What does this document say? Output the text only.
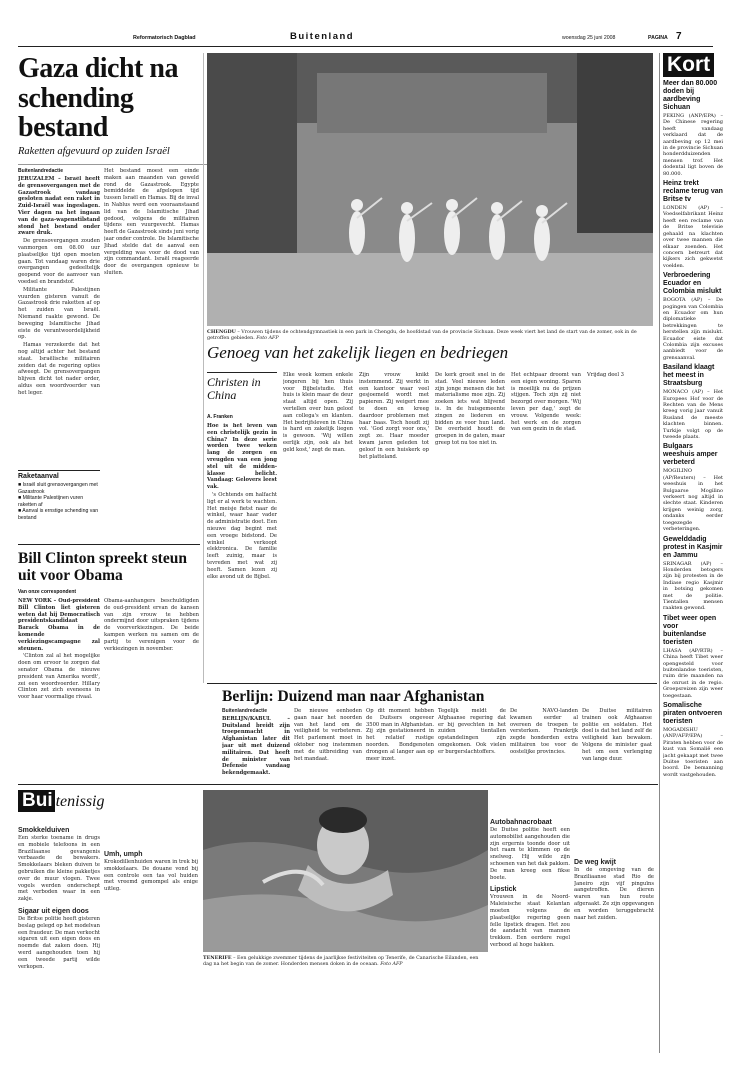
Reformatorisch Dagblad	Buitenland	woensdag 25 juni 2008	PAGINA 7
Gaza dicht na schending bestand
Raketten afgevuurd op zuiden Israël
Buitenlandredactie

JERUZALEM – Israël heeft de grensovergangen met de Gazastrook vandaag gesloten nadat een raket in Zuid-Israël was ingeslagen. Vier dagen na het ingaan van de gaza-wapenstilstand stond het bestand onder zware druk.

De grensovergangen zouden vanmorgen om 08.00 uur plaatselijke tijd open moeten gaan. Tot vandaag waren drie overgangen gedeeltelijk geopend voor de aanvoer van voedsel en brandstof.

Militante Palestijnen vuurden gisteren vanuit de Gazastrook drie raketten af op het zuiden van Israël. Niemand raakte gewond. De beweging Islamitische Jihad eiste de verantwoordelijkheid op.

Hamas verzekerde dat het nog altijd achter het bestand staat. Israëlische militairen zeiden dat de regering opties afweegt. De grensovergangen blijven dicht tot nader order, aldus een woordvoerder van het leger.

Het bestand moest een einde maken aan maanden van geweld rond de Gazastrook. Egypte bemiddelde de afgelopen tijd tussen Israël en Hamas. Bij de inval in Nablus werd een vooraanstaand lid van de Islamitische Jihad gedood, volgens de militairen tijdens een vuurgevecht. Hamas heeft de Gazastrook sinds juni vorig jaar onder controle. De Islamitische Jihad stelde dat de aanval een vergelding was voor de dood van zijn commandant. Israël reageerde door de overgangen opnieuw te sluiten.

Raketaanval
■ Israël sluit grensovergangen met Gazastrook
■ Militante Palestijnen vuren raketten af
■ Aanval is ernstige schending van bestand
Bill Clinton spreekt steun uit voor Obama
Van onze correspondent

NEW YORK – Oud-president Bill Clinton liet gisteren weten dat hij Democratisch presidentskandidaat Barack Obama in de komende verkiezingscampagne zal steunen.

'Clinton zal al het mogelijke doen om ervoor te zorgen dat senator Obama de nieuwe president van Amerika wordt', zei een woordvoerder. Hillary Clinton zet zich eveneens in voor haar voormalige rivaal.

Obama-aanhangers beschuldigden de oud-president ervan de kansen van zijn vrouw te hebben ondermijnd door uitspraken tijdens de voorverkiezingen. De beide kampen werken nu samen om de partij te verenigen voor de verkiezingen in november.

CHENGDU – Vrouwen tijdens de ochtendgymnastiek in een park in Chengdu, de hoofdstad van de provincie Sichuan. Deze week viert het land de start van de zomer, ook in de getroffen gebieden. Foto AFP
Genoeg van het zakelijk liegen en bedriegen
Christen in China
A. Franken

Hoe is het leven van een christelijk gezin in China? In deze serie worden twee weken lang de zorgen en vreugden van een jong stel uit de midden-klasse belicht. Vandaag: Gelovers leest vak.

's Ochtends om halfacht ligt er al werk te wachten. Het meisje fietst naar de winkel, waar haar vader de administratie doet. Een nieuwe dag begint met een vroege bidstond. De winkel verkoopt elektronica. De familie leeft zuinig, maar is tevreden met wat zij heeft. Samen lezen zij elke avond uit de Bijbel.

Elke week komen enkele jongeren bij hen thuis voor Bijbelstudie. Het huis is klein maar de deur staat altijd open. Zij vertellen over hun geloof aan collega's en klanten. Het bedrijfsleven in China is hard en zakelijk liegen is gewoon. 'Wij willen eerlijk zijn, ook als het geld kost,' zegt de man.

Zijn vrouw knikt instemmend. Zij werkt in een kantoor waar veel gesjoemeld wordt met papieren. Zij weigert mee te doen en kreeg daardoor problemen met haar baas. Toch houdt zij vol. 'God zorgt voor ons,' zegt ze. Haar moeder kwam jaren geleden tot geloof in een huiskerk op het platteland.

De kerk groeit snel in de stad. Veel nieuwe leden zijn jonge mensen die het materialisme moe zijn. Zij zoeken iets wat blijvend is. In de huisgemeente zingen ze liederen en bidden ze voor hun land. De overheid houdt de groepen in de gaten, maar greep tot nu toe niet in.

Het echtpaar droomt van een eigen woning. Sparen is moeilijk nu de prijzen stijgen. Toch zijn zij niet bezorgd over morgen. 'Wij leven per dag,' zegt de vrouw. Volgende week: het werk en de zorgen van een gezin in de stad.

Vrijdag deel 3

Berlijn: Duizend man naar Afghanistan

Buitenlandredactie

BERLIJN/KABUL – Duitsland breidt zijn troepenmacht in Afghanistan later dit jaar uit met duizend militairen. Dat heeft de minister van Defensie vandaag bekendgemaakt.

De nieuwe eenheden gaan naar het noorden van het land om de veiligheid te verbeteren. Het parlement moet in oktober nog instemmen met de uitbreiding van het mandaat.

Op dit moment hebben de Duitsers ongeveer 3500 man in Afghanistan. Zij zijn gestationeerd in het relatief rustige noorden. Bondgenoten drongen al langer aan op meer inzet.

Tegelijk meldt de Afghaanse regering dat er bij gevechten in het zuiden tientallen opstandelingen zijn omgekomen. Ook vielen er burgerslachtoffers.

De NAVO-landen kwamen eerder al overeen de troepen te versterken. Frankrijk zegde honderden extra militairen toe voor de oostelijke provincies.

De Duitse militairen trainen ook Afghaanse politie en soldaten. Het doel is dat het land zelf de veiligheid kan bewaken. Volgens de minister gaat het om een verlenging van lange duur.

Bui tenissig
Smokkelduiven

Een sterke toename in drugs en mobiele telefoons in een Braziliaanse gevangenis verbaasde de bewakers. Smokkelaars bleken duiven te gebruiken die kleine pakketjes over de muur vlogen. Twee vogels werden onderschept met verboden waar in een zakje.

Sigaar uit eigen doos

De Britse politie heeft gisteren beslag gelegd op het modelvan een fraudeur. De man verkocht sigaren uit een eigen doos en noemde dat zaken doen. Hij werd aangehouden toen hij een tweede partij wilde verkopen.

Umh, umph

Krokodillenhuiden waren in trek bij smokkelaars. De douane vond bij een controle een tas vol huiden met vreemd gemompel als enige uitleg.

TENERIFE – Een gelukkige zwemmer tijdens de jaarlijkse festiviteiten op Tenerife, de Canarische Eilanden, een dag na het begin van de zomer. Honderden mensen doken in de oceaan. Foto AFP
Autobahnacrobaat

De Duitse politie heeft een automobilist aangehouden die zijn ergernis toonde door uit het raam te klimmen op de snelweg. Hij wilde zijn schoenen van het dak pakken. De man kreeg een fikse boete.

Lipstick

Vrouwen in de Noord-Maleisische staat Kelantan moeten volgens de plaatselijke regering geen felle lipstick dragen. Het zou de aandacht van mannen trekken. Een eerdere regel verbood al hoge hakken.

De weg kwijt

In de omgeving van de Braziliaanse stad Rio de Janeiro zijn vijf pinguïns aangetroffen. De dieren waren van hun route afgeraakt. Ze zijn opgevangen en worden teruggebracht naar het zuiden.

Kort
Meer dan 80.000 doden bij aardbeving Sichuan
PEKING (ANP/EPA) – De Chinese regering heeft vandaag verklaard dat de aardbeving op 12 mei in de provincie Sichuan honderdduizenden mensen trof. Het dodental ligt boven de 80.000.
Heinz trekt reclame terug van Britse tv
LONDEN (AP) – Voedselfabrikant Heinz heeft een reclame van de Britse televisie gehaald na klachten over twee mannen die elkaar zoenden. Het concern betreurt dat kijkers zich gekwetst voelden.
Verbroedering Ecuador en Colombia mislukt
BOGOTA (AP) – De pogingen van Colombia en Ecuador om hun diplomatieke betrekkingen te herstellen zijn mislukt. Ecuador eiste dat Colombia zijn excuses aanbiedt voor de grensaanval.
Basiland klaagt het meest in Straatsburg
MONACO (AP) – Het Europees Hof voor de Rechten van de Mens kreeg vorig jaar vanuit Rusland de meeste klachten binnen. Turkije volgt op de tweede plaats.
Bulgaars weeshuis amper verbeterd
MOGILINO (AP/Reuters) – Het weeshuis in het Bulgaarse Mogilino verkeert nog altijd in slechte staat. Kinderen krijgen weinig zorg, ondanks eerder toegezegde verbeteringen.
Gewelddadig protest in Kasjmir en Jammu
SRINAGAR (AP) – Honderden betogers zijn bij protesten in de Indiase regio Kasjmir in botsing gekomen met de politie. Tientallen mensen raakten gewond.
Tibet weer open voor buitenlandse toeristen
LHASA (AP/RTR) – China heeft Tibet weer opengesteld voor buitenlandse toeristen, ruim drie maanden na de onrust in de regio. Groepsreizen zijn weer toegestaan.
Somalische piraten ontvoeren toeristen
MOGADISHU (ANP/AFP/EPA) – Piraten hebben voor de kust van Somalië een jacht gekaapt met twee Duitse toeristen aan boord. De bemanning wordt vastgehouden.
